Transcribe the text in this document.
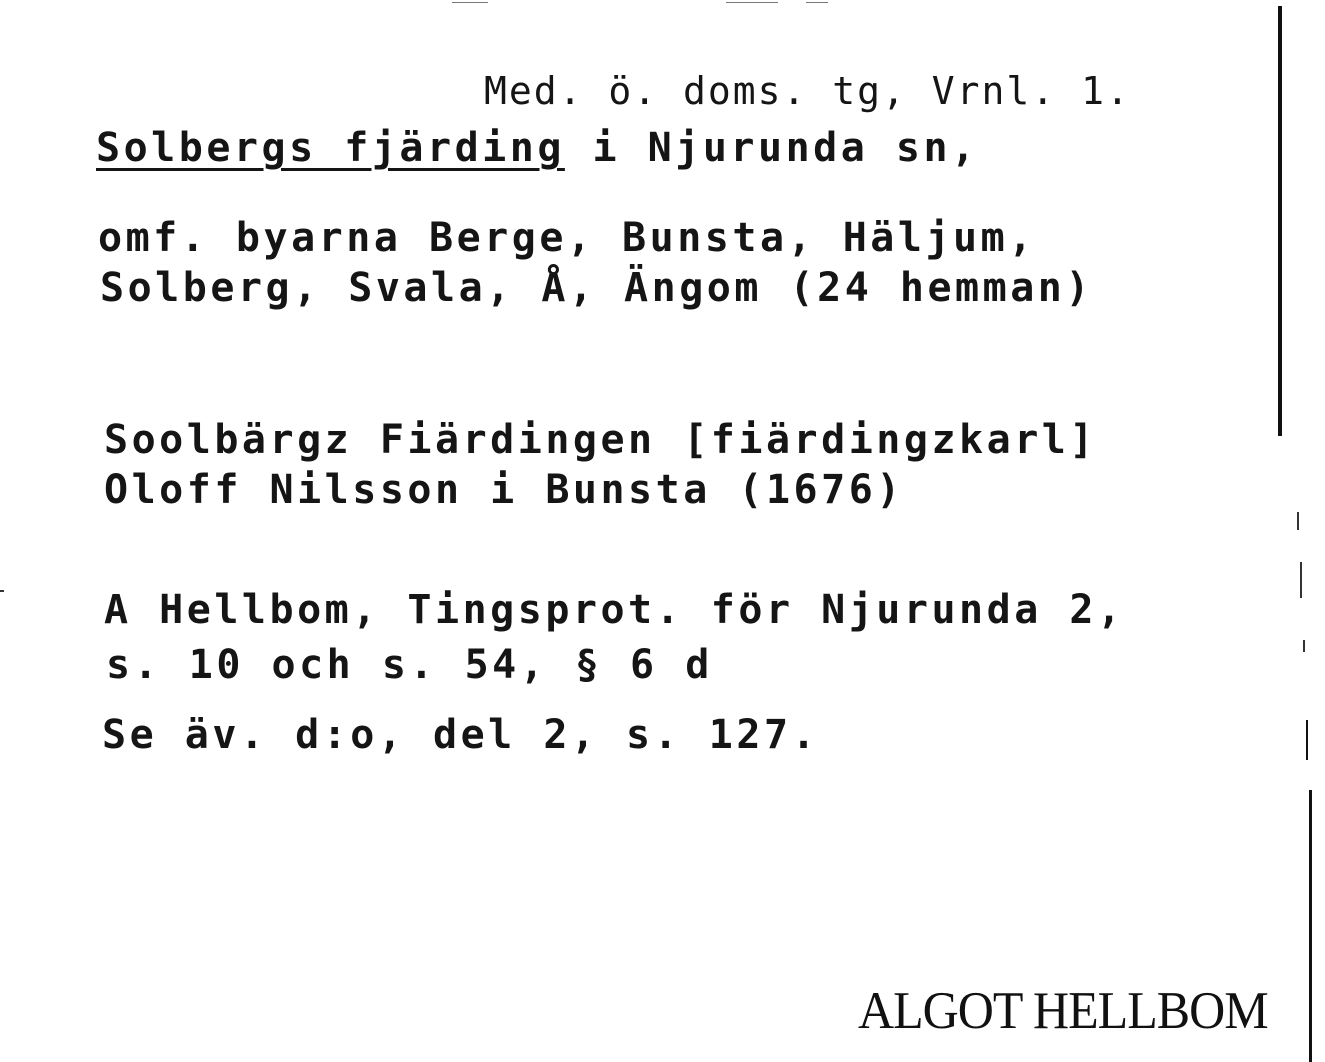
Med. ö. doms. tg, Vrnl. 1.
Solbergs fjärding i Njurunda sn,
omf. byarna Berge, Bunsta, Häljum,
Solberg, Svala, Å, Ängom (24 hemman)
Soolbärgz Fiärdingen [fiärdingzkarl]
Oloff Nilsson i Bunsta (1676)
A Hellbom, Tingsprot. för Njurunda 2,
s. 10 och s. 54, § 6 d
Se äv. d:o, del 2, s. 127.
ALGOT HELLBOM
